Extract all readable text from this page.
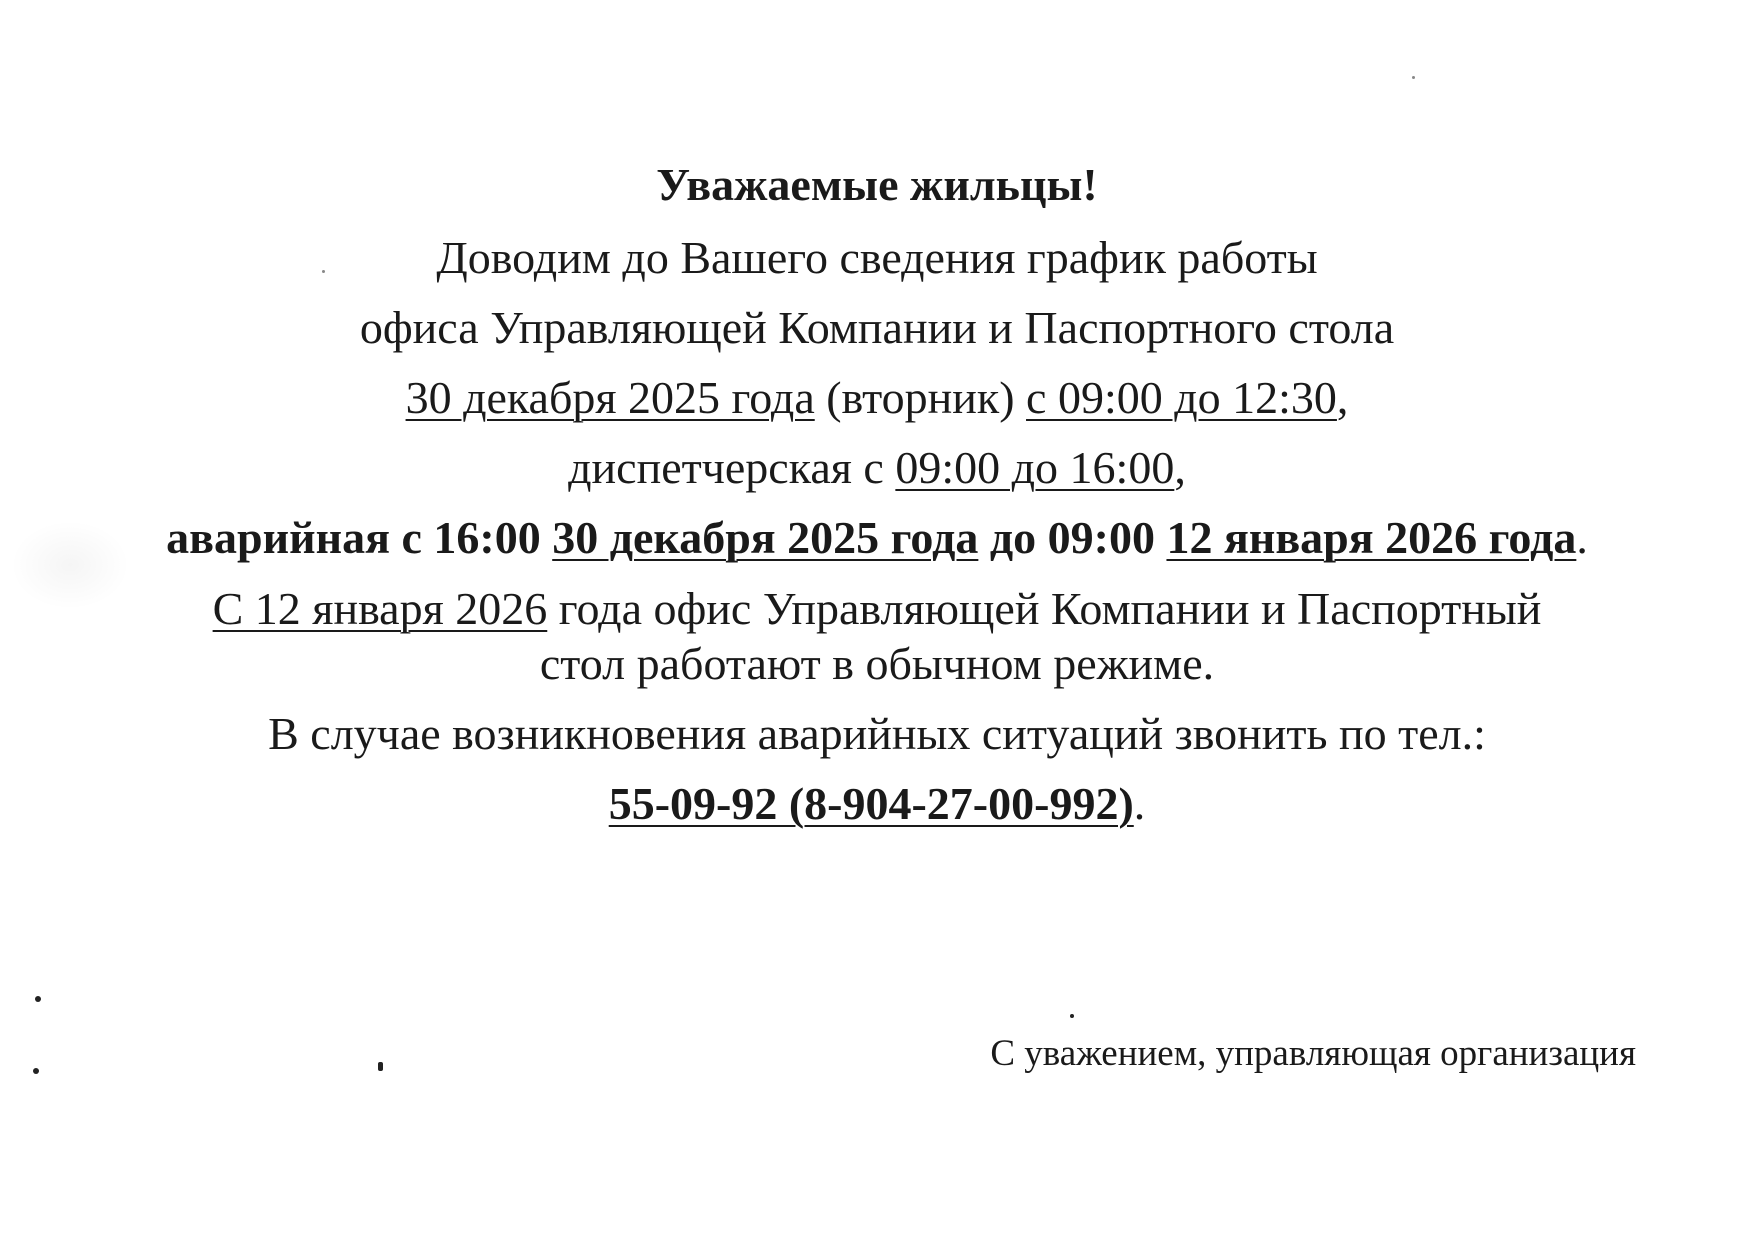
Уважаемые жильцы!
Доводим до Вашего сведения график работы
офиса Управляющей Компании и Паспортного стола
30 декабря 2025 года (вторник) с 09:00 до 12:30,
диспетчерская с 09:00 до 16:00,
аварийная с 16:00 30 декабря 2025 года до 09:00 12 января 2026 года.
С 12 января 2026 года офис Управляющей Компании и Паспортный
стол работают в обычном режиме.
В случае возникновения аварийных ситуаций звонить по тел.:
55-09-92 (8-904-27-00-992).
С уважением, управляющая организация
